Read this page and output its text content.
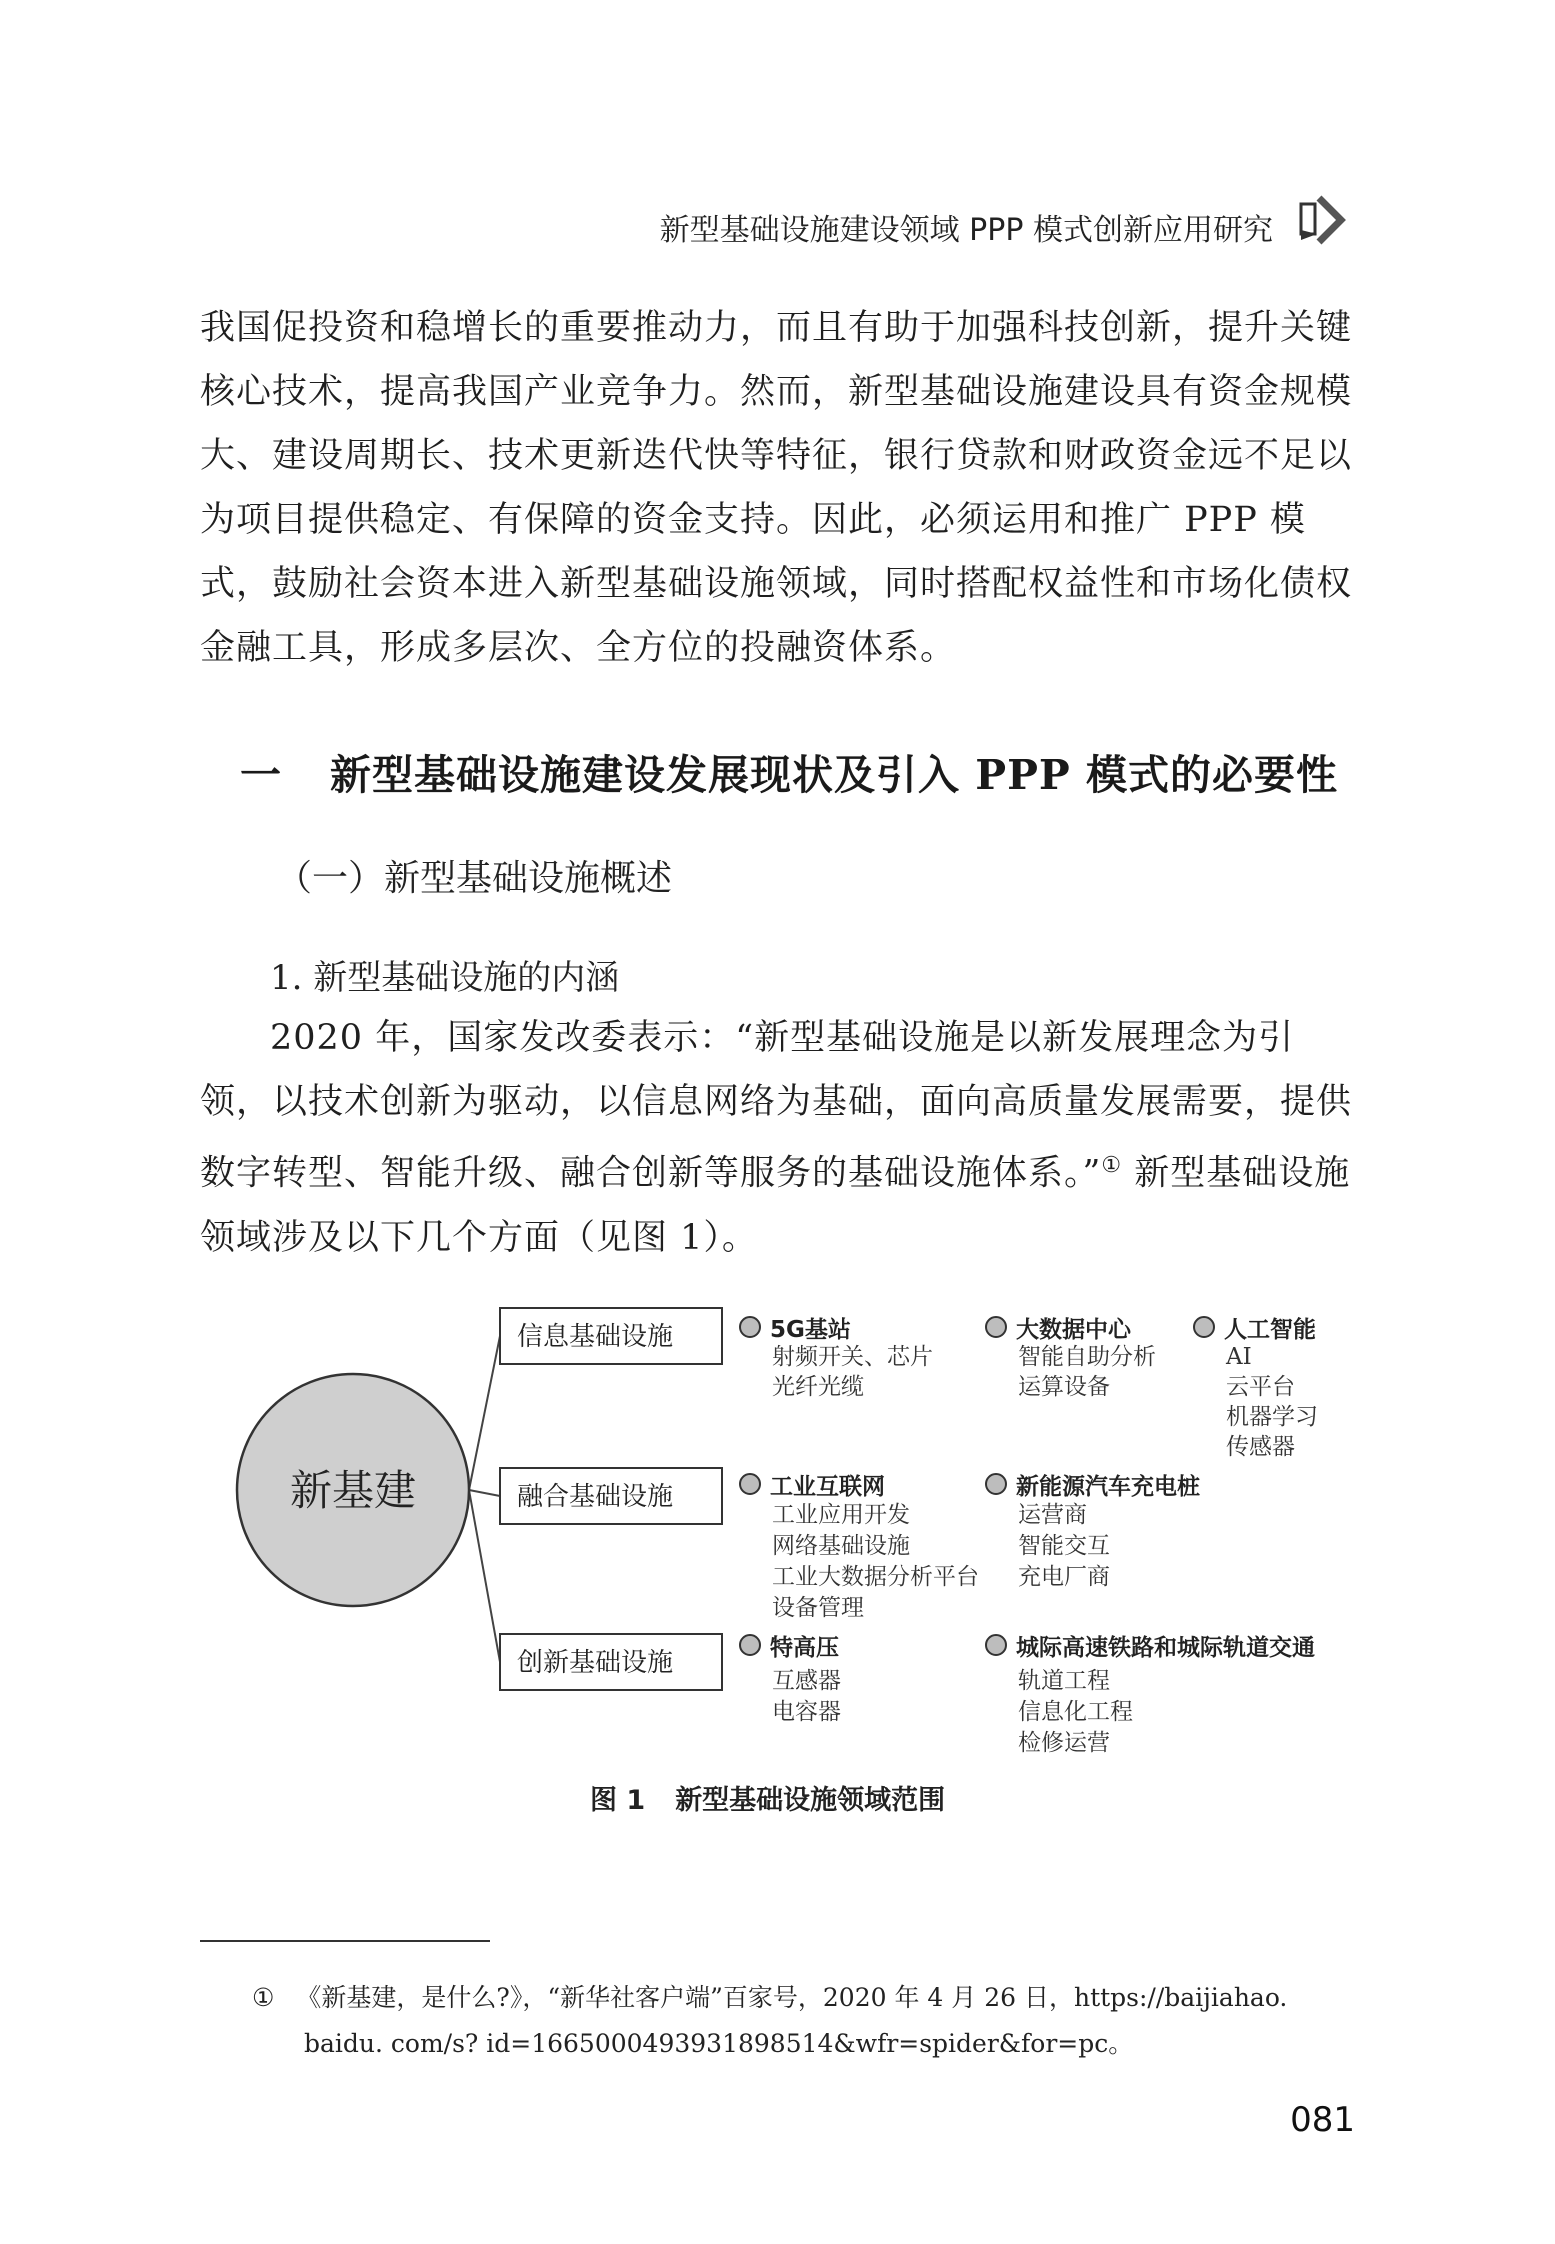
新型基础设施建设领域 PPP 模式创新应用研究

我国促投资和稳增长的重要推动力，而且有助于加强科技创新，提升关键核心技术，提高我国产业竞争力。然而，新型基础设施建设具有资金规模大、建设周期长、技术更新迭代快等特征，银行贷款和财政资金远不足以为项目提供稳定、有保障的资金支持。因此，必须运用和推广 PPP 模式，鼓励社会资本进入新型基础设施领域，同时搭配权益性和市场化债权金融工具，形成多层次、全方位的投融资体系。

一 新型基础设施建设发展现状及引入 PPP 模式的必要性
（一）新型基础设施概述
1. 新型基础设施的内涵

2020 年，国家发改委表示：“新型基础设施是以新发展理念为引领，以技术创新为驱动，以信息网络为基础，面向高质量发展需要，提供数字转型、智能升级、融合创新等服务的基础设施体系。”① 新型基础设施领域涉及以下几个方面（见图 1）。

新基建
信息基础设施
融合基础设施
创新基础设施
5G基站	大数据中心	人工智能
工业互联网	新能源汽车充电桩
特高压	城际高速铁路和城际轨道交通
射频开关、芯片
光纤光缆
智能自助分析
运算设备
AI
云平台
机器学习
传感器
工业应用开发
网络基础设施
工业大数据分析平台
设备管理
运营商
智能交互
充电厂商
互感器
电容器
轨道工程
信息化工程
检修运营
图 1 新型基础设施领域范围
① 《新基建，是什么?》，“新华社客户端”百家号，2020 年 4 月 26 日，https://baijiahao.
baidu. com/s? id=1665000493931898514&wfr=spider&for=pc。
081
